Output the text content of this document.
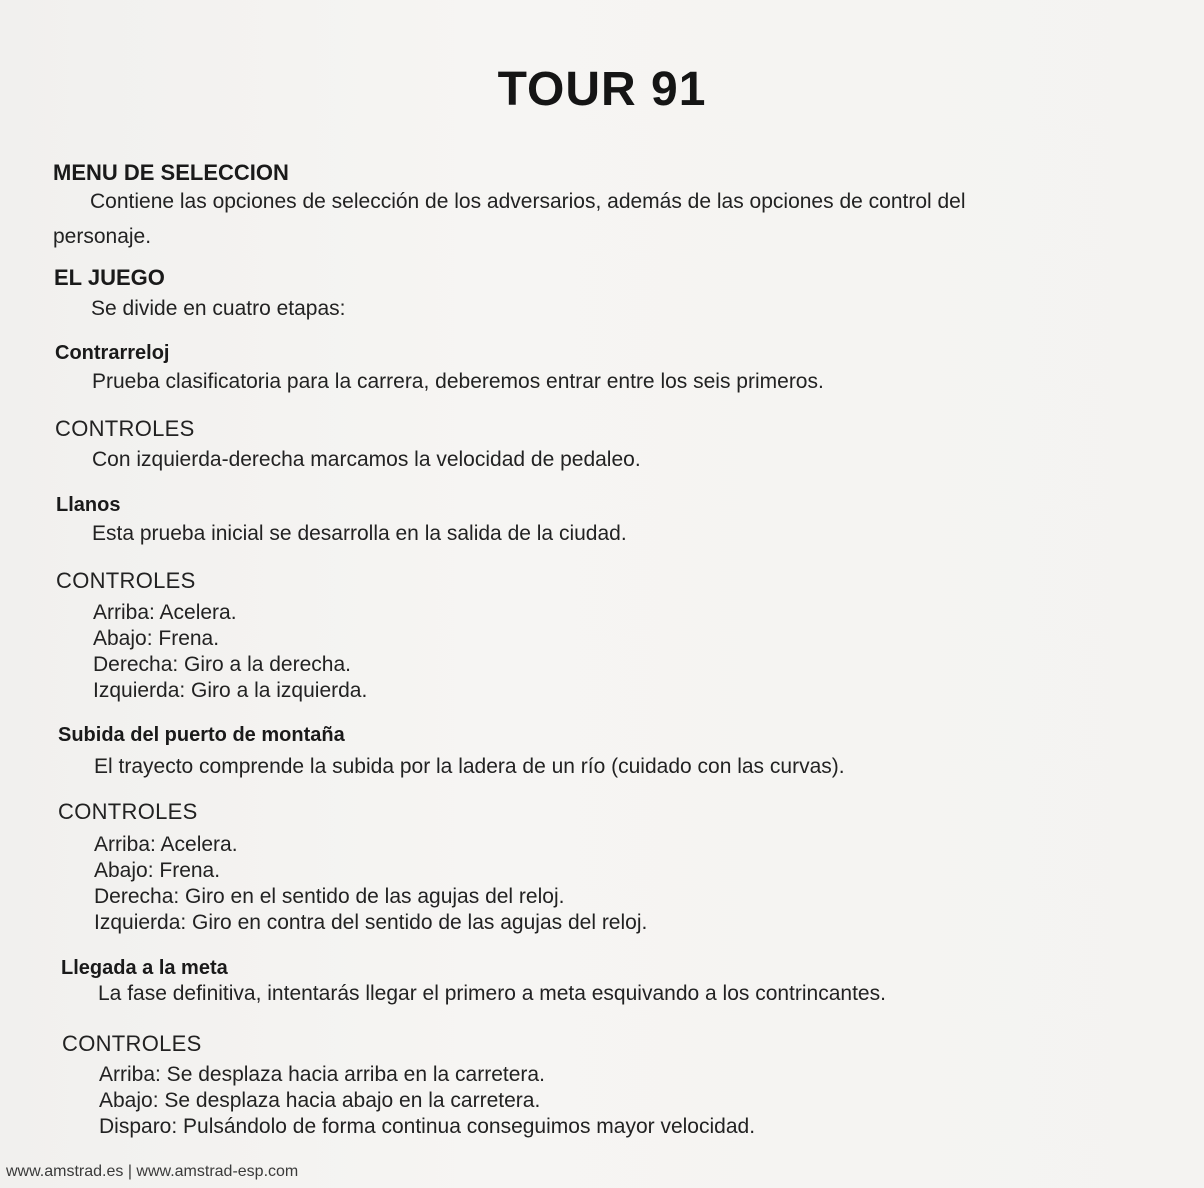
TOUR 91
MENU DE SELECCION
Contiene las opciones de selección de los adversarios, además de las opciones de control del
personaje.
EL JUEGO
Se divide en cuatro etapas:
Contrarreloj
Prueba clasificatoria para la carrera, deberemos entrar entre los seis primeros.
CONTROLES
Con izquierda-derecha marcamos la velocidad de pedaleo.
Llanos
Esta prueba inicial se desarrolla en la salida de la ciudad.
CONTROLES
Arriba: Acelera.
Abajo: Frena.
Derecha: Giro a la derecha.
Izquierda: Giro a la izquierda.
Subida del puerto de montaña
El trayecto comprende la subida por la ladera de un río (cuidado con las curvas).
CONTROLES
Arriba: Acelera.
Abajo: Frena.
Derecha: Giro en el sentido de las agujas del reloj.
Izquierda: Giro en contra del sentido de las agujas del reloj.
Llegada a la meta
La fase definitiva, intentarás llegar el primero a meta esquivando a los contrincantes.
CONTROLES
Arriba: Se desplaza hacia arriba en la carretera.
Abajo: Se desplaza hacia abajo en la carretera.
Disparo: Pulsándolo de forma continua conseguimos mayor velocidad.
www.amstrad.es | www.amstrad-esp.com
